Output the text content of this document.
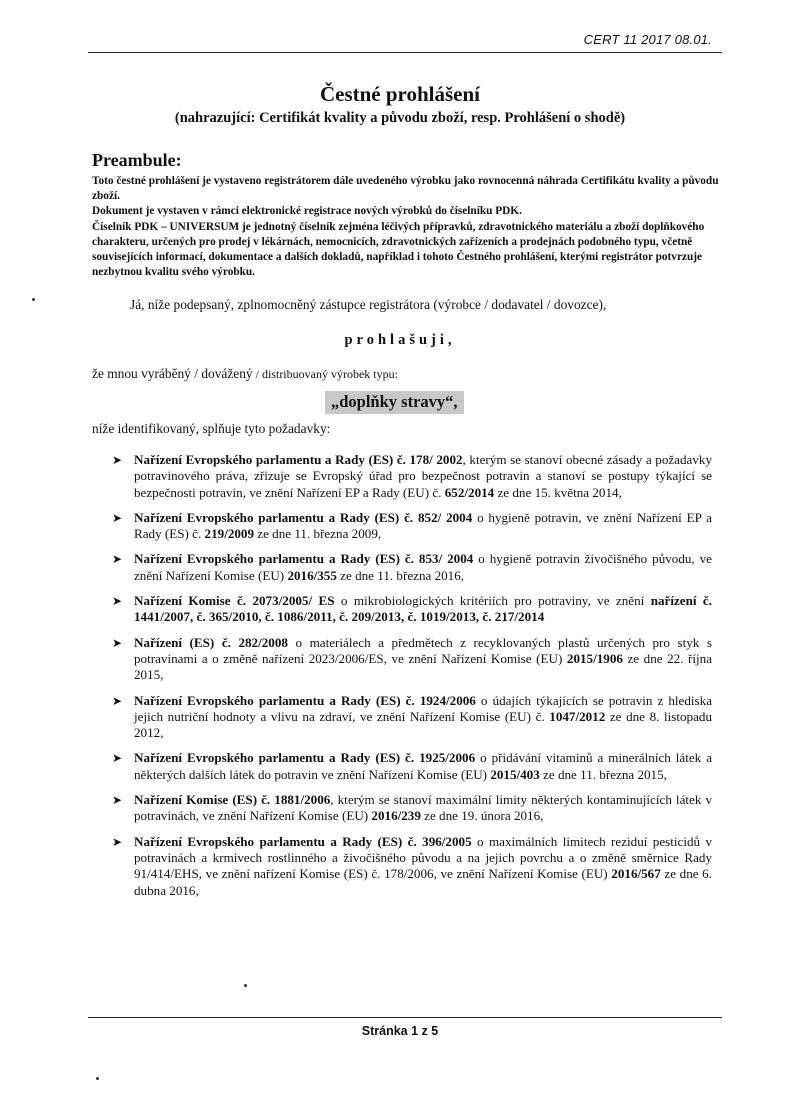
CERT 11 2017 08.01.
Čestné prohlášení
(nahrazující: Certifikát kvality a původu zboží, resp. Prohlášení o shodě)
Preambule:

Toto čestné prohlášení je vystaveno registrátorem dále uvedeného výrobku jako rovnocenná náhrada Certifikátu kvality a původu zboží.

Dokument je vystaven v rámci elektronické registrace nových výrobků do číselníku PDK.

Číselník PDK – UNIVERSUM je jednotný číselník zejména léčivých přípravků, zdravotnického materiálu a zboží doplňkového charakteru, určených pro prodej v lékárnách, nemocnicích, zdravotnických zařízeních a prodejnách podobného typu, včetně souvisejících informací, dokumentace a dalších dokladů, například i tohoto Čestného prohlášení, kterými registrátor potvrzuje nezbytnou kvalitu svého výrobku.

Já, níže podepsaný, zplnomocněný zástupce registrátora (výrobce / dodavatel / dovozce),
prohlašuji,
že mnou vyráběný / dovážený / distribuovaný výrobek typu:
„doplňky stravy“,
níže identifikovaný, splňuje tyto požadavky:
➤ Nařízení Evropského parlamentu a Rady (ES) č. 178/ 2002, kterým se stanoví obecné zásady a požadavky potravinového práva, zřizuje se Evropský úřad pro bezpečnost potravin a stanoví se postupy týkající se bezpečnosti potravin, ve znění Nařízení EP a Rady (EU) č. 652/2014 ze dne 15. května 2014,
➤ Nařízení Evropského parlamentu a Rady (ES) č. 852/ 2004 o hygieně potravin, ve znění Nařízení EP a Rady (ES) č. 219/2009 ze dne 11. března 2009,
➤ Nařízení Evropského parlamentu a Rady (ES) č. 853/ 2004 o hygieně potravin živočišného původu, ve znění Nařízení Komise (EU) 2016/355 ze dne 11. března 2016,
➤ Nařízení Komise č. 2073/2005/ ES o mikrobiologických kritériích pro potraviny, ve znění nařízení č. 1441/2007, č. 365/2010, č. 1086/2011, č. 209/2013, č. 1019/2013, č. 217/2014
➤ Nařízení (ES) č. 282/2008 o materiálech a předmětech z recyklovaných plastů určených pro styk s potravinami a o změně nařízení 2023/2006/ES, ve znění Nařízení Komise (EU) 2015/1906 ze dne 22. října 2015,
➤ Nařízení Evropského parlamentu a Rady (ES) č. 1924/2006 o údajích týkajících se potravin z hlediska jejich nutriční hodnoty a vlivu na zdraví, ve znění Nařízení Komise (EU) č. 1047/2012 ze dne 8. listopadu 2012,
➤ Nařízení Evropského parlamentu a Rady (ES) č. 1925/2006 o přidávání vitaminů a minerálních látek a některých dalších látek do potravin ve znění Nařízení Komise (EU) 2015/403 ze dne 11. března 2015,
➤ Nařízení Komise (ES) č. 1881/2006, kterým se stanoví maximální limity některých kontaminujících látek v potravinách, ve znění Nařízení Komise (EU) 2016/239 ze dne 19. února 2016,
➤ Nařízení Evropského parlamentu a Rady (ES) č. 396/2005 o maximálních limitech reziduí pesticidů v potravinách a krmivech rostlinného a živočišného původu a na jejich povrchu a o změně směrnice Rady 91/414/EHS, ve znění nařízení Komise (ES) č. 178/2006, ve znění Nařízení Komise (EU) 2016/567 ze dne 6. dubna 2016,
Stránka 1 z 5
